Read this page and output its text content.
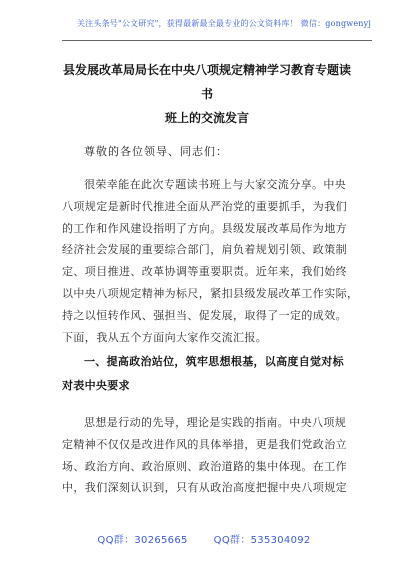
关注头条号"公文研究"，获得最新最全最专业的公文资料库！ 微信：gongwenyj
县发展改革局局长在中央八项规定精神学习教育专题读书
班上的交流发言
尊敬的各位领导、同志们：
很荣幸能在此次专题读书班上与大家交流分享。中央
八项规定是新时代推进全面从严治党的重要抓手，为我们
的工作和作风建设指明了方向。县级发展改革局作为地方
经济社会发展的重要综合部门，肩负着规划引领、政策制
定、项目推进、改革协调等重要职责。近年来，我们始终
以中央八项规定精神为标尺，紧扣县级发展改革工作实际，
持之以恒转作风、强担当、促发展，取得了一定的成效。
下面，我从五个方面向大家作交流汇报。
一、提高政治站位，筑牢思想根基，以高度自觉对标
对表中央要求
思想是行动的先导，理论是实践的指南。中央八项规
定精神不仅仅是改进作风的具体举措，更是我们党政治立
场、政治方向、政治原则、政治道路的集中体现。在工作
中，我们深刻认识到，只有从政治高度把握中央八项规定
QQ群：30265665	QQ群：535304092
